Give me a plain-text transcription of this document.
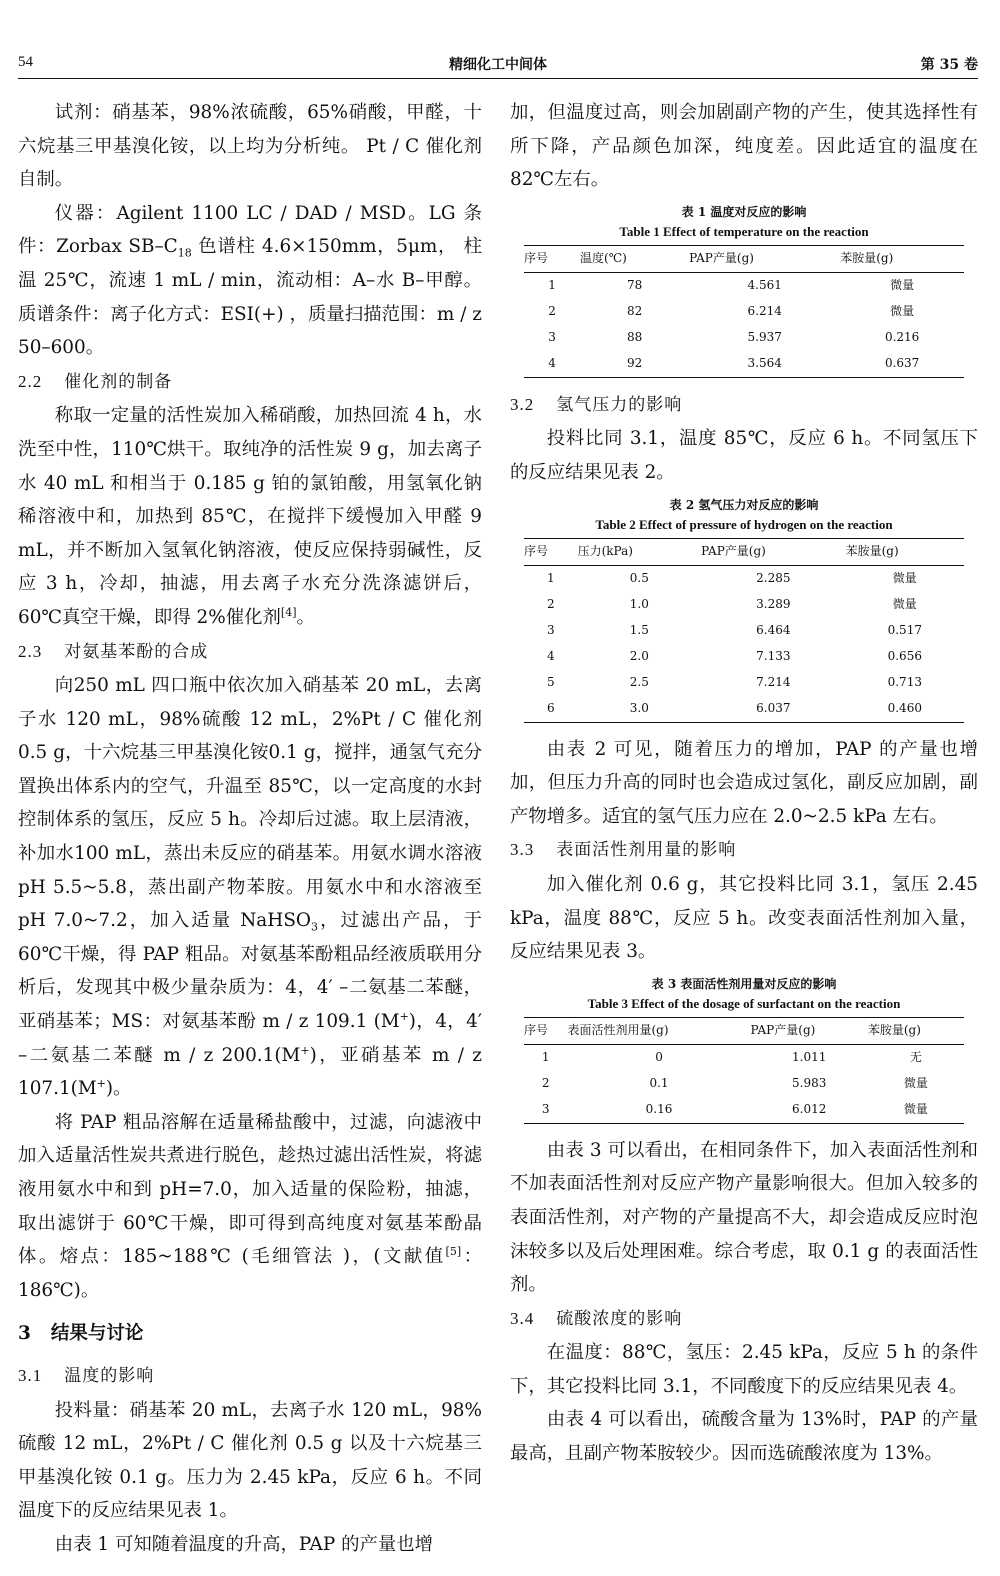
54	精细化工中间体	第 35 卷

试剂：硝基苯，98%浓硫酸，65%硝酸，甲醛，十六烷基三甲基溴化铵，以上均为分析纯。 Pt / C 催化剂自制。

仪器：Agilent 1100 LC / DAD / MSD。LG 条件：Zorbax $SB-C_{18}$ 色谱柱 4.6×150mm，5μm， 柱温 25℃，流速 1 mL / min，流动相：A–水 B–甲醇。质谱条件：离子化方式：ESI(+) ，质量扫描范围：m / z 50–600。

2.2 催化剂的制备

称取一定量的活性炭加入稀硝酸，加热回流 4 h，水洗至中性，110℃烘干。取纯净的活性炭 9 g，加去离子水 40 mL 和相当于 0.185 g 铂的氯铂酸，用氢氧化钠稀溶液中和，加热到 85℃，在搅拌下缓慢加入甲醛 9 mL，并不断加入氢氧化钠溶液，使反应保持弱碱性，反应 3 h，冷却，抽滤，用去离子水充分洗涤滤饼后，60℃真空干燥，即得 2%催化剂[4]。

2.3 对氨基苯酚的合成

向250 mL 四口瓶中依次加入硝基苯 20 mL，去离子水 120 mL，98%硫酸 12 mL，2%Pt / C 催化剂 0.5 g，十六烷基三甲基溴化铵0.1 g，搅拌，通氢气充分置换出体系内的空气，升温至 85℃，以一定高度的水封控制体系的氢压，反应 5 h。冷却后过滤。取上层清液，补加水100 mL，蒸出未反应的硝基苯。用氨水调水溶液 pH 5.5~5.8，蒸出副产物苯胺。用氨水中和水溶液至 pH 7.0~7.2，加入适量 NaHSO$_3$，过滤出产品，于 60℃干燥，得 PAP 粗品。对氨基苯酚粗品经液质联用分析后，发现其中极少量杂质为：4，4′ –二氨基二苯醚，亚硝基苯；MS：对氨基苯酚 m / z 109.1 (M+)，4，4′ –二氨基二苯醚 m / z 200.1(M+)，亚硝基苯 m / z 107.1(M+)。

将 PAP 粗品溶解在适量稀盐酸中，过滤，向滤液中加入适量活性炭共煮进行脱色，趁热过滤出活性炭，将滤液用氨水中和到 pH=7.0，加入适量的保险粉，抽滤，取出滤饼于 60℃干燥，即可得到高纯度对氨基苯酚晶体。熔点：185~188℃ (毛细管法 )，(文献值[5]：186℃)。

3 结果与讨论
3.1 温度的影响

投料量：硝基苯 20 mL，去离子水 120 mL，98%硫酸 12 mL，2%Pt / C 催化剂 0.5 g 以及十六烷基三甲基溴化铵 0.1 g。压力为 2.45 kPa，反应 6 h。不同温度下的反应结果见表 1。

由表 1 可知随着温度的升高，PAP 的产量也增

加，但温度过高，则会加剧副产物的产生，使其选择性有所下降，产品颜色加深，纯度差。因此适宜的温度在 82℃左右。

表 1 温度对反应的影响
Table 1 Effect of temperature on the reaction
序号	温度(℃)	PAP产量(g)	苯胺量(g)
1	78	4.561	微量
2	82	6.214	微量
3	88	5.937	0.216
4	92	3.564	0.637
3.2 氢气压力的影响

投料比同 3.1，温度 85℃，反应 6 h。不同氢压下的反应结果见表 2。

表 2 氢气压力对反应的影响
Table 2 Effect of pressure of hydrogen on the reaction
序号	压力(kPa)	PAP产量(g)	苯胺量(g)
1	0.5	2.285	微量
2	1.0	3.289	微量
3	1.5	6.464	0.517
4	2.0	7.133	0.656
5	2.5	7.214	0.713
6	3.0	6.037	0.460

由表 2 可见，随着压力的增加，PAP 的产量也增加，但压力升高的同时也会造成过氢化，副反应加剧，副产物增多。适宜的氢气压力应在 2.0~2.5 kPa 左右。

3.3 表面活性剂用量的影响

加入催化剂 0.6 g，其它投料比同 3.1，氢压 2.45 kPa，温度 88℃，反应 5 h。改变表面活性剂加入量，反应结果见表 3。

表 3 表面活性剂用量对反应的影响
Table 3 Effect of the dosage of surfactant on the reaction
序号	表面活性剂用量(g)	PAP产量(g)	苯胺量(g)
1	0	1.011	无
2	0.1	5.983	微量
3	0.16	6.012	微量

由表 3 可以看出，在相同条件下，加入表面活性剂和不加表面活性剂对反应产物产量影响很大。但加入较多的表面活性剂，对产物的产量提高不大，却会造成反应时泡沫较多以及后处理困难。综合考虑，取 0.1 g 的表面活性剂。

3.4 硫酸浓度的影响

在温度：88℃，氢压：2.45 kPa，反应 5 h 的条件下，其它投料比同 3.1，不同酸度下的反应结果见表 4。

由表 4 可以看出，硫酸含量为 13%时，PAP 的产量最高，且副产物苯胺较少。因而选硫酸浓度为 13%。
